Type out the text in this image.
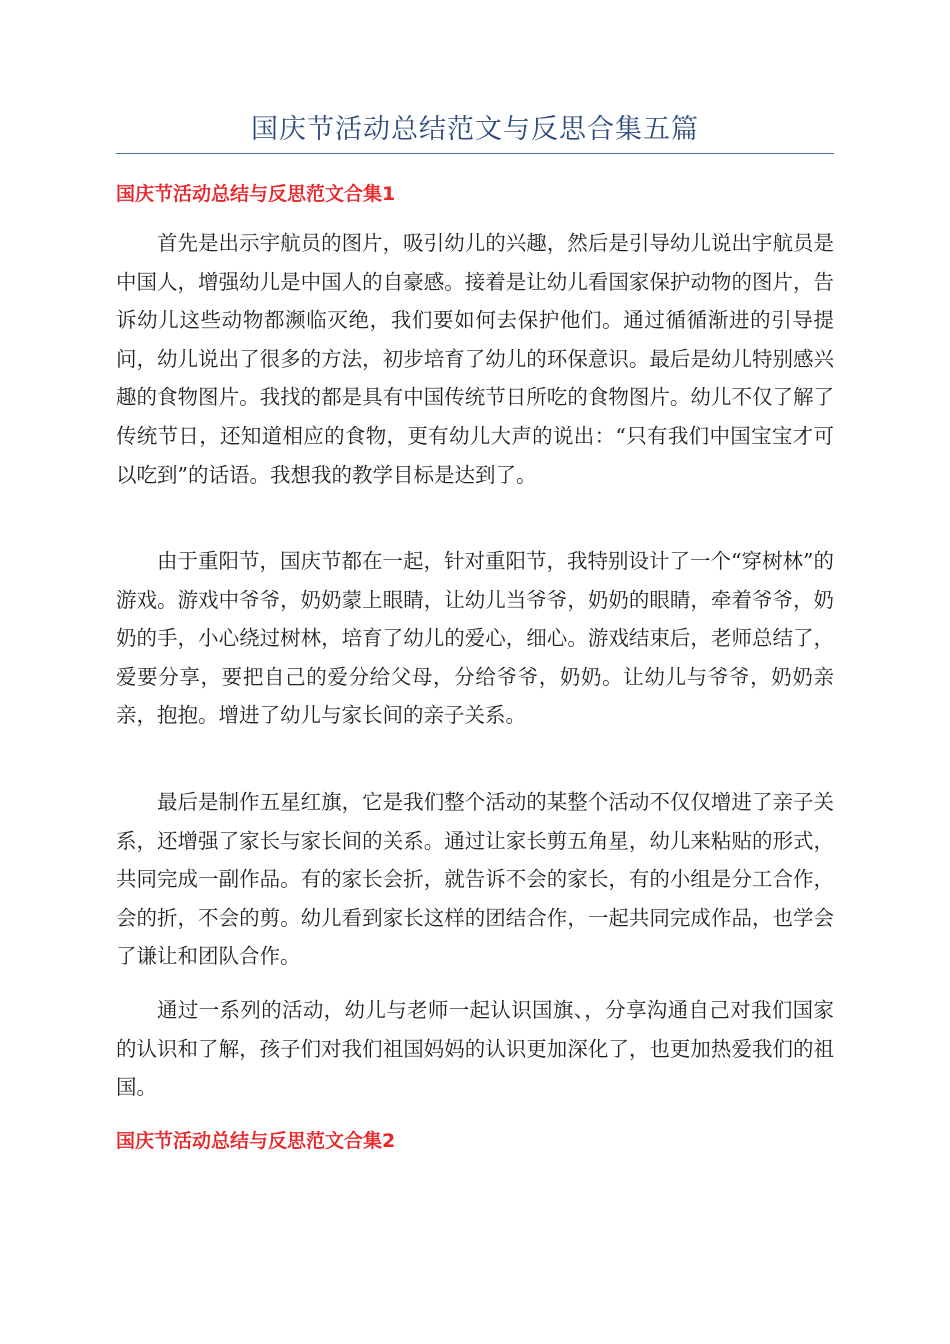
国庆节活动总结范文与反思合集五篇
国庆节活动总结与反思范文合集1

首先是出示宇航员的图片，吸引幼儿的兴趣，然后是引导幼儿说出宇航员是中国人，增强幼儿是中国人的自豪感。接着是让幼儿看国家保护动物的图片，告诉幼儿这些动物都濒临灭绝，我们要如何去保护他们。通过循循渐进的引导提问，幼儿说出了很多的方法，初步培育了幼儿的环保意识。最后是幼儿特别感兴趣的食物图片。我找的都是具有中国传统节日所吃的食物图片。幼儿不仅了解了传统节日，还知道相应的食物，更有幼儿大声的说出：“只有我们中国宝宝才可以吃到”的话语。我想我的教学目标是达到了。

由于重阳节，国庆节都在一起，针对重阳节，我特别设计了一个“穿树林”的游戏。游戏中爷爷，奶奶蒙上眼睛，让幼儿当爷爷，奶奶的眼睛，牵着爷爷，奶奶的手，小心绕过树林，培育了幼儿的爱心，细心。游戏结束后，老师总结了，爱要分享，要把自己的爱分给父母，分给爷爷，奶奶。让幼儿与爷爷，奶奶亲亲，抱抱。增进了幼儿与家长间的亲子关系。

最后是制作五星红旗，它是我们整个活动的某整个活动不仅仅增进了亲子关系，还增强了家长与家长间的关系。通过让家长剪五角星，幼儿来粘贴的形式，共同完成一副作品。有的家长会折，就告诉不会的家长，有的小组是分工合作，会的折，不会的剪。幼儿看到家长这样的团结合作，一起共同完成作品，也学会了谦让和团队合作。

通过一系列的活动，幼儿与老师一起认识国旗、，分享沟通自己对我们国家的认识和了解，孩子们对我们祖国妈妈的认识更加深化了，也更加热爱我们的祖国。

国庆节活动总结与反思范文合集2
